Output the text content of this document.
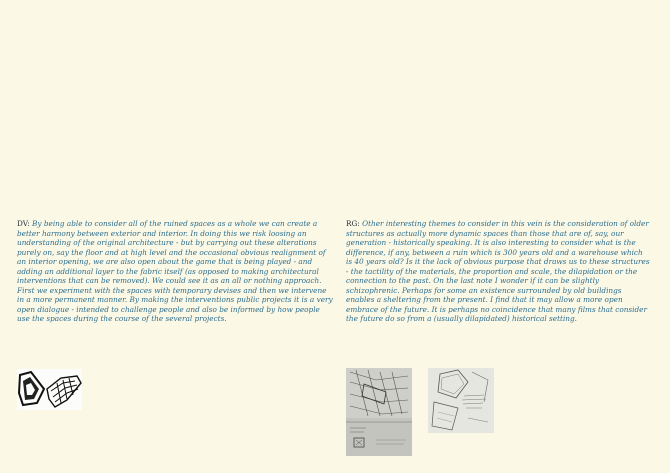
DV: By being able to consider all of the ruined spaces as a whole we can create a better harmony between exterior and interior. In doing this we risk loosing an understanding of the original architecture - but by carrying out these alterations purely on, say the floor and at high level and the occasional obvious realignment of an interior opening, we are also open about the game that is being played - and adding an additional layer to the fabric itself (as opposed to making architectural interventions that can be removed). We could see it as an all or nothing approach. First we experiment with the spaces with temporary devises and then we intervene in a more permanent manner. By making the interventions public projects it is a very open dialogue - intended to challenge people and also be informed by how people use the spaces during the course of the several projects.
RG: Other interesting themes to consider in this vein is the consideration of older structures as actually more dynamic spaces than those that are of, say, our generation - historically speaking. It is also interesting to consider what is the difference, if any, between a ruin which is 300 years old and a warehouse which is 40 years old? Is it the lack of obvious purpose that draws us to these structures - the tactility of the materials, the proportion and scale, the dilapidation or the connection to the past. On the last note I wonder if it can be slightly schizophrenic. Perhaps for some an existence surrounded by old buildings enables a sheltering from the present. I find that it may allow a more open embrace of the future. It is perhaps no coincidence that many films that consider the future do so from a (usually dilapidated) historical setting.
